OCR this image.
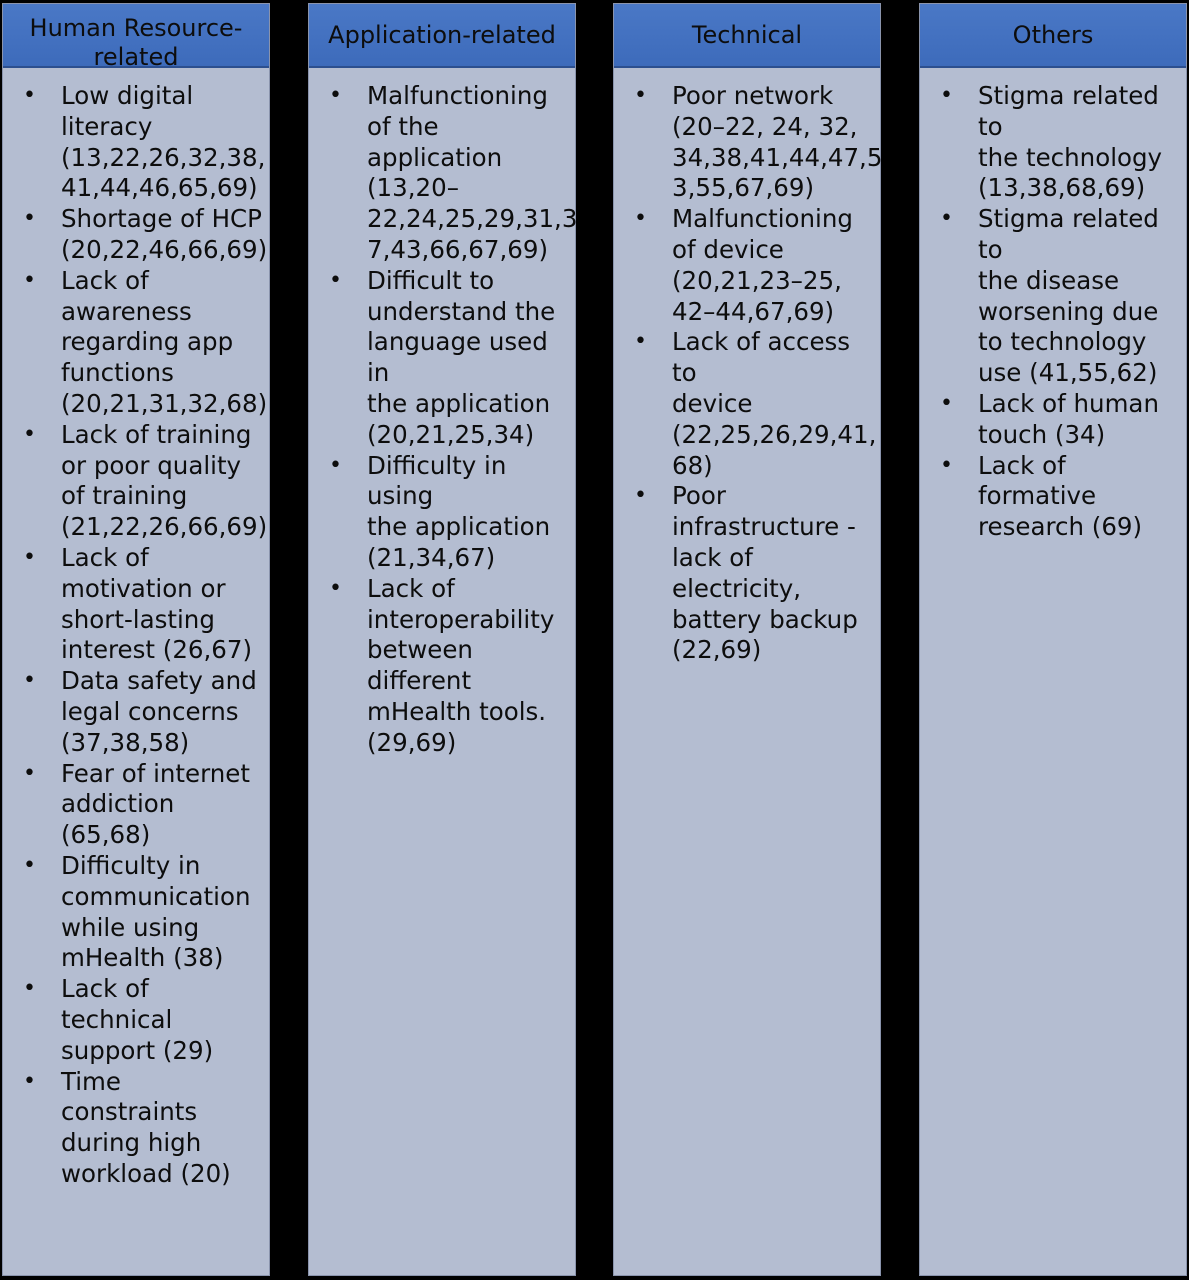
Human Resource-
related
• Low digital
literacy
(13,22,26,32,38,
41,44,46,65,69)
• Shortage of HCP
(20,22,46,66,69)
• Lack of
awareness
regarding app
functions
(20,21,31,32,68)
• Lack of training
or poor quality
of training
(21,22,26,66,69)
• Lack of
motivation or
short-lasting
interest (26,67)
• Data safety and
legal concerns
(37,38,58)
• Fear of internet
addiction (65,68)
• Difficulty in
communication
while using
mHealth (38)
• Lack of technical
support (29)
• Time constraints
during high
workload (20)
Application-related
• Malfunctioning
of the
application
(13,20–
22,24,25,29,31,3
7,43,66,67,69)
• Difficult to
understand the
language used in
the application
(20,21,25,34)
• Difficulty in using
the application
(21,34,67)
• Lack of
interoperability
between
different
mHealth tools.
(29,69)
Technical
• Poor network
(20–22, 24, 32,
34,38,41,44,47,5
3,55,67,69)
• Malfunctioning
of device
(20,21,23–25,
42–44,67,69)
• Lack of access to
device
(22,25,26,29,41,
68)
• Poor
infrastructure -
lack of
electricity,
battery backup
(22,69)
Others
• Stigma related to
the technology
(13,38,68,69)
• Stigma related to
the disease
worsening due
to technology
use (41,55,62)
• Lack of human
touch (34)
• Lack of
formative
research (69)
